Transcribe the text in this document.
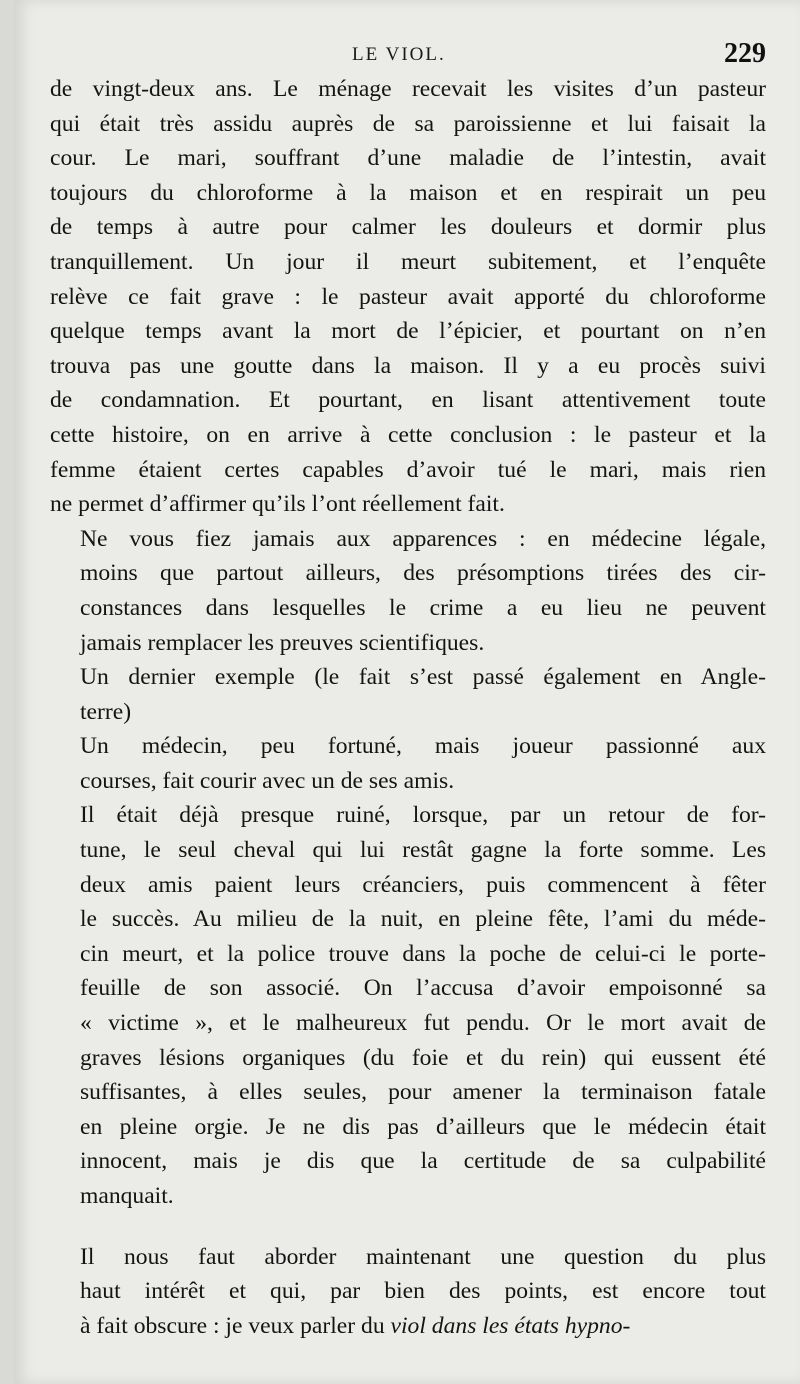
LE VIOL.	229

de vingt-deux ans. Le ménage recevait les visites d’un pasteur
qui était très assidu auprès de sa paroissienne et lui faisait la
cour. Le mari, souffrant d’une maladie de l’intestin, avait
toujours du chloroforme à la maison et en respirait un peu
de temps à autre pour calmer les douleurs et dormir plus
tranquillement. Un jour il meurt subitement, et l’enquête
relève ce fait grave : le pasteur avait apporté du chloroforme
quelque temps avant la mort de l’épicier, et pourtant on n’en
trouva pas une goutte dans la maison. Il y a eu procès suivi
de condamnation. Et pourtant, en lisant attentivement toute
cette histoire, on en arrive à cette conclusion : le pasteur et la
femme étaient certes capables d’avoir tué le mari, mais rien
ne permet d’affirmer qu’ils l’ont réellement fait.

Ne vous fiez jamais aux apparences : en médecine légale,
moins que partout ailleurs, des présomptions tirées des cir-
constances dans lesquelles le crime a eu lieu ne peuvent
jamais remplacer les preuves scientifiques.

Un dernier exemple (le fait s’est passé également en Angle-
terre)

Un médecin, peu fortuné, mais joueur passionné aux
courses, fait courir avec un de ses amis.

Il était déjà presque ruiné, lorsque, par un retour de for-
tune, le seul cheval qui lui restât gagne la forte somme. Les
deux amis paient leurs créanciers, puis commencent à fêter
le succès. Au milieu de la nuit, en pleine fête, l’ami du méde-
cin meurt, et la police trouve dans la poche de celui-ci le porte-
feuille de son associé. On l’accusa d’avoir empoisonné sa
« victime », et le malheureux fut pendu. Or le mort avait de
graves lésions organiques (du foie et du rein) qui eussent été
suffisantes, à elles seules, pour amener la terminaison fatale
en pleine orgie. Je ne dis pas d’ailleurs que le médecin était
innocent, mais je dis que la certitude de sa culpabilité
manquait.

Il nous faut aborder maintenant une question du plus
haut intérêt et qui, par bien des points, est encore tout
à fait obscure : je veux parler du viol dans les états hypno-
